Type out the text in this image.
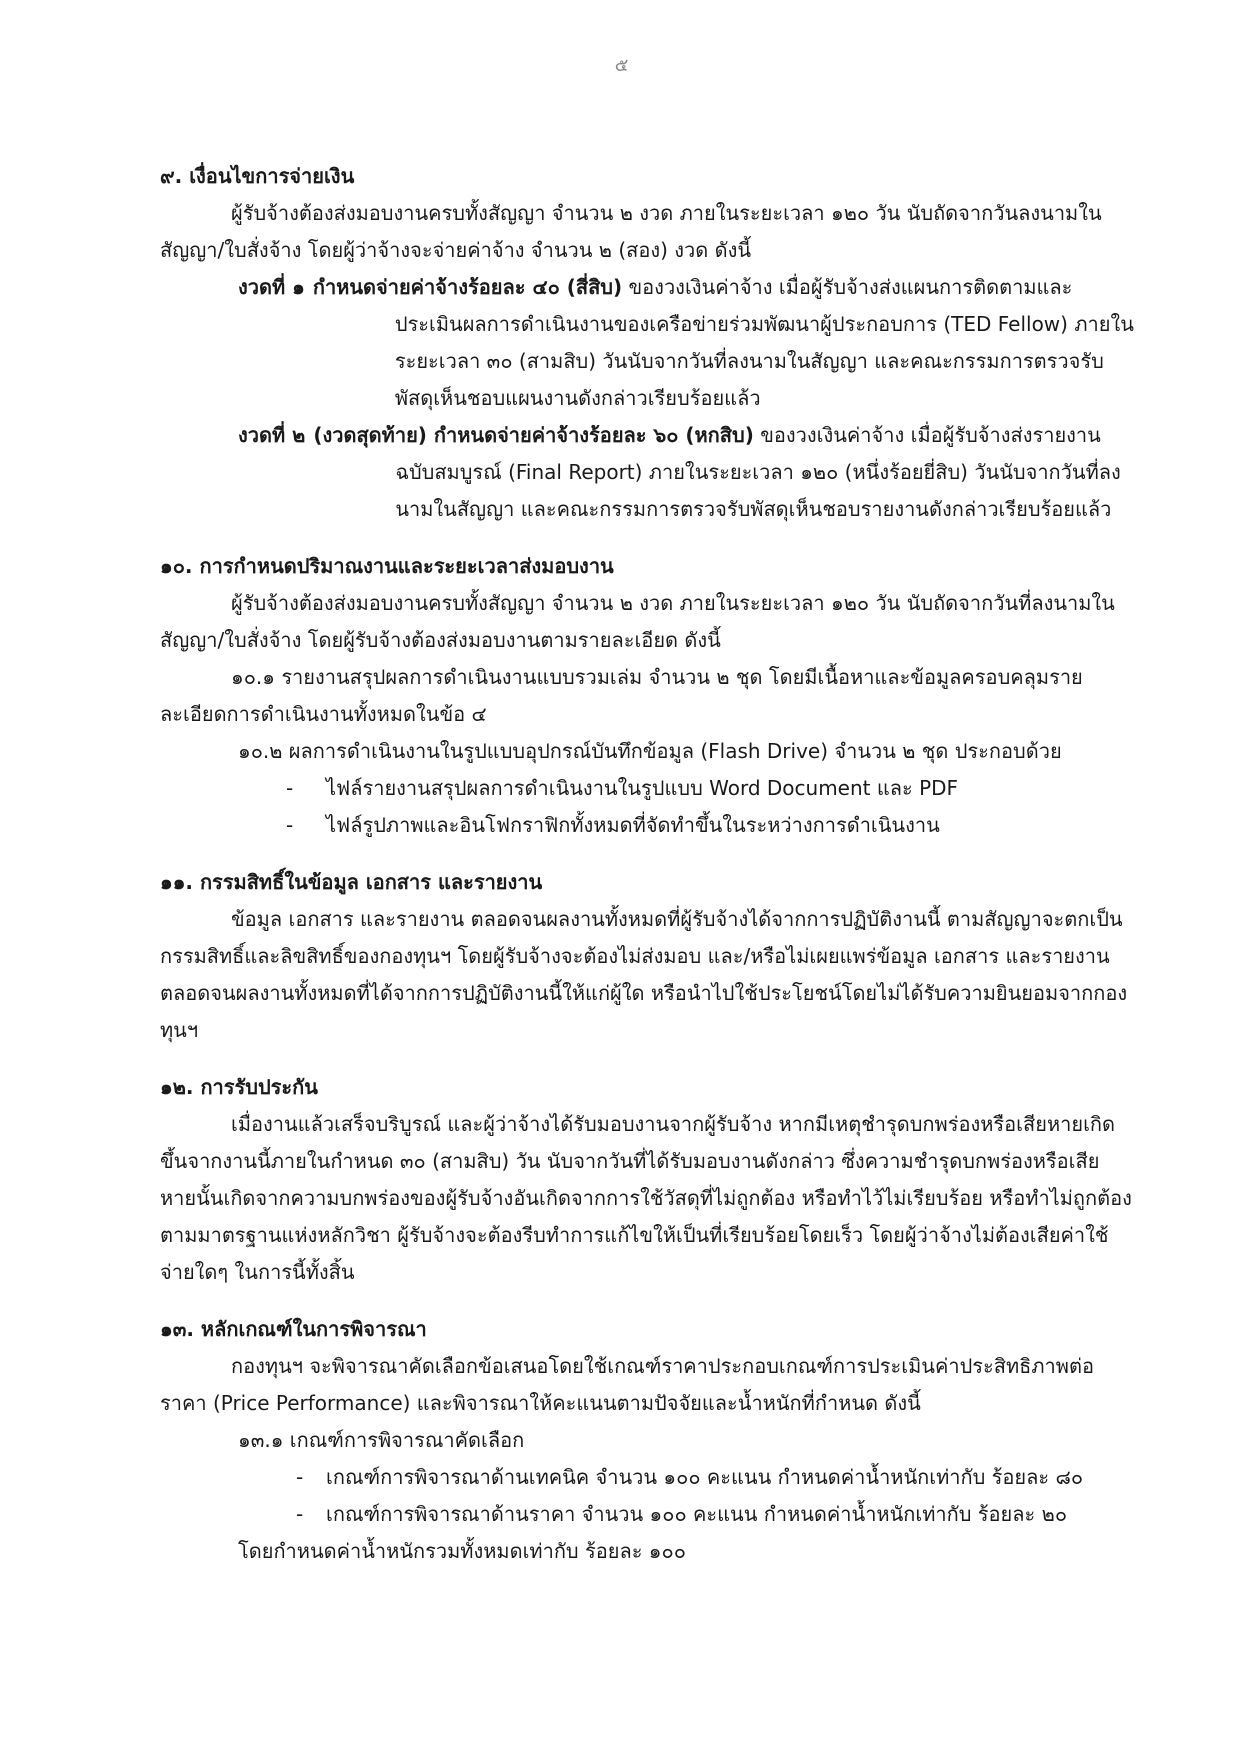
๕

๙. เงื่อนไขการจ่ายเงิน

ผู้รับจ้างต้องส่งมอบงานครบทั้งสัญญา จำนวน ๒ งวด ภายในระยะเวลา ๑๒๐ วัน นับถัดจากวันลงนามในสัญญา/ใบสั่งจ้าง โดยผู้ว่าจ้างจะจ่ายค่าจ้าง จำนวน ๒ (สอง) งวด ดังนี้

งวดที่ ๑ กำหนดจ่ายค่าจ้างร้อยละ ๔๐ (สี่สิบ) ของวงเงินค่าจ้าง เมื่อผู้รับจ้างส่งแผนการติดตามและประเมินผลการดำเนินงานของเครือข่ายร่วมพัฒนาผู้ประกอบการ (TED Fellow) ภายในระยะเวลา ๓๐ (สามสิบ) วันนับจากวันที่ลงนามในสัญญา และคณะกรรมการตรวจรับพัสดุเห็นชอบแผนงานดังกล่าวเรียบร้อยแล้ว
งวดที่ ๒ (งวดสุดท้าย) กำหนดจ่ายค่าจ้างร้อยละ ๖๐ (หกสิบ) ของวงเงินค่าจ้าง เมื่อผู้รับจ้างส่งรายงานฉบับสมบูรณ์ (Final Report) ภายในระยะเวลา ๑๒๐ (หนึ่งร้อยยี่สิบ) วันนับจากวันที่ลงนามในสัญญา และคณะกรรมการตรวจรับพัสดุเห็นชอบรายงานดังกล่าวเรียบร้อยแล้ว

๑๐. การกำหนดปริมาณงานและระยะเวลาส่งมอบงาน

ผู้รับจ้างต้องส่งมอบงานครบทั้งสัญญา จำนวน ๒ งวด ภายในระยะเวลา ๑๒๐ วัน นับถัดจากวันที่ลงนามในสัญญา/ใบสั่งจ้าง โดยผู้รับจ้างต้องส่งมอบงานตามรายละเอียด ดังนี้

๑๐.๑ รายงานสรุปผลการดำเนินงานแบบรวมเล่ม จำนวน ๒ ชุด โดยมีเนื้อหาและข้อมูลครอบคลุมรายละเอียดการดำเนินงานทั้งหมดในข้อ ๔

๑๐.๒ ผลการดำเนินงานในรูปแบบอุปกรณ์บันทึกข้อมูล (Flash Drive) จำนวน ๒ ชุด ประกอบด้วย

-	ไฟล์รายงานสรุปผลการดำเนินงานในรูปแบบ Word Document และ PDF
-	ไฟล์รูปภาพและอินโฟกราฟิกทั้งหมดที่จัดทำขึ้นในระหว่างการดำเนินงาน

๑๑. กรรมสิทธิ์ในข้อมูล เอกสาร และรายงาน

ข้อมูล เอกสาร และรายงาน ตลอดจนผลงานทั้งหมดที่ผู้รับจ้างได้จากการปฏิบัติงานนี้ ตามสัญญาจะตกเป็นกรรมสิทธิ์และลิขสิทธิ์ของกองทุนฯ โดยผู้รับจ้างจะต้องไม่ส่งมอบ และ/หรือไม่เผยแพร่ข้อมูล เอกสาร และรายงาน ตลอดจนผลงานทั้งหมดที่ได้จากการปฏิบัติงานนี้ให้แก่ผู้ใด หรือนำไปใช้ประโยชน์โดยไม่ได้รับความยินยอมจากกองทุนฯ

๑๒. การรับประกัน

เมื่องานแล้วเสร็จบริบูรณ์ และผู้ว่าจ้างได้รับมอบงานจากผู้รับจ้าง หากมีเหตุชำรุดบกพร่องหรือเสียหายเกิดขึ้นจากงานนี้ภายในกำหนด ๓๐ (สามสิบ) วัน นับจากวันที่ได้รับมอบงานดังกล่าว ซึ่งความชำรุดบกพร่องหรือเสียหายนั้นเกิดจากความบกพร่องของผู้รับจ้างอันเกิดจากการใช้วัสดุที่ไม่ถูกต้อง หรือทำไว้ไม่เรียบร้อย หรือทำไม่ถูกต้องตามมาตรฐานแห่งหลักวิชา ผู้รับจ้างจะต้องรีบทำการแก้ไขให้เป็นที่เรียบร้อยโดยเร็ว โดยผู้ว่าจ้างไม่ต้องเสียค่าใช้จ่ายใดๆ ในการนี้ทั้งสิ้น

๑๓. หลักเกณฑ์ในการพิจารณา

กองทุนฯ จะพิจารณาคัดเลือกข้อเสนอโดยใช้เกณฑ์ราคาประกอบเกณฑ์การประเมินค่าประสิทธิภาพต่อราคา (Price Performance) และพิจารณาให้คะแนนตามปัจจัยและน้ำหนักที่กำหนด ดังนี้

๑๓.๑ เกณฑ์การพิจารณาคัดเลือก

-	เกณฑ์การพิจารณาด้านเทคนิค จำนวน ๑๐๐ คะแนน กำหนดค่าน้ำหนักเท่ากับ ร้อยละ ๘๐
-	เกณฑ์การพิจารณาด้านราคา จำนวน ๑๐๐ คะแนน กำหนดค่าน้ำหนักเท่ากับ ร้อยละ ๒๐

โดยกำหนดค่าน้ำหนักรวมทั้งหมดเท่ากับ ร้อยละ ๑๐๐
